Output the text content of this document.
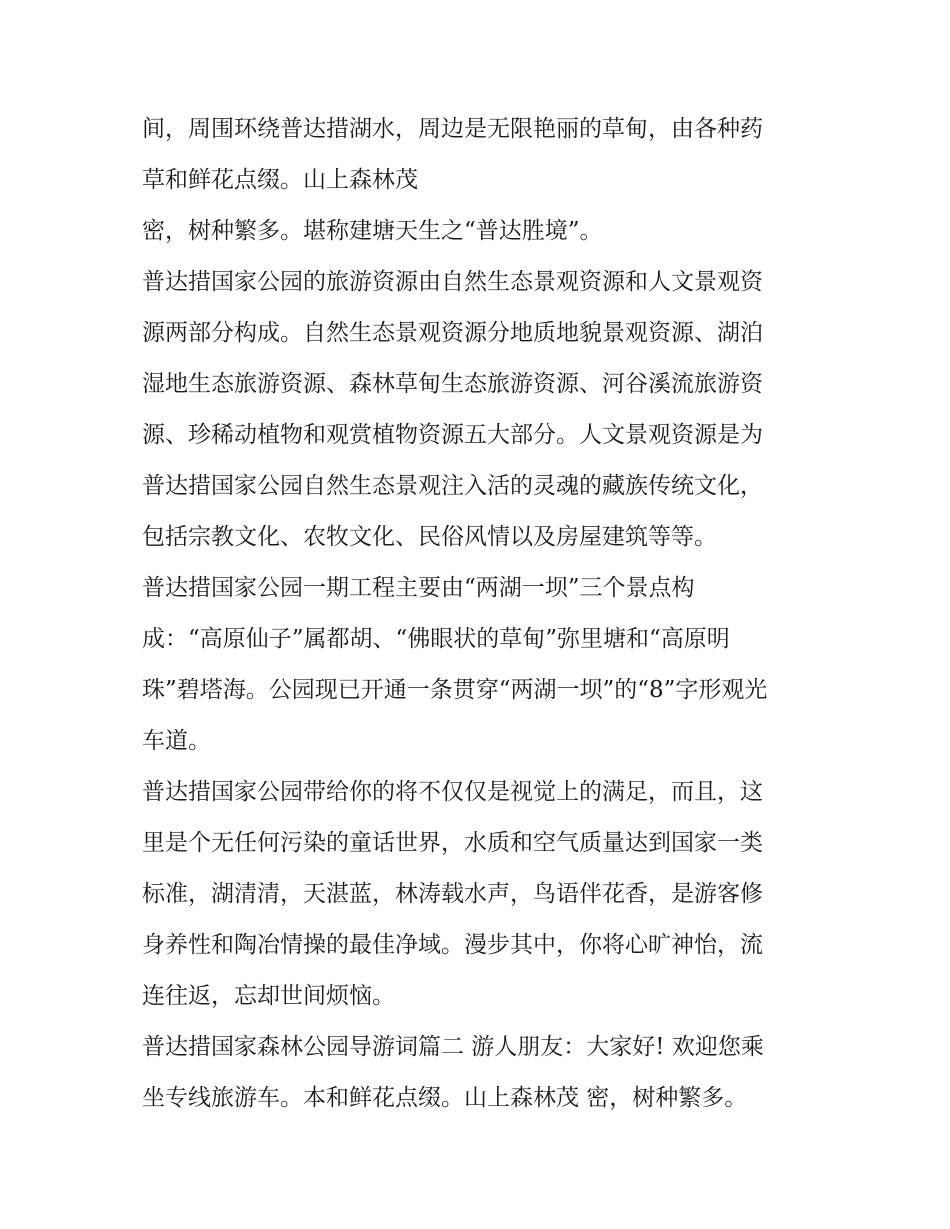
间，周围环绕普达措湖水，周边是无限艳丽的草甸，由各种药
草和鲜花点缀。山上森林茂
密，树种繁多。堪称建塘天生之“普达胜境”。
普达措国家公园的旅游资源由自然生态景观资源和人文景观资
源两部分构成。自然生态景观资源分地质地貌景观资源、湖泊
湿地生态旅游资源、森林草甸生态旅游资源、河谷溪流旅游资
源、珍稀动植物和观赏植物资源五大部分。人文景观资源是为
普达措国家公园自然生态景观注入活的灵魂的藏族传统文化，
包括宗教文化、农牧文化、民俗风情以及房屋建筑等等。
普达措国家公园一期工程主要由“两湖一坝”三个景点构
成：“高原仙子”属都胡、“佛眼状的草甸”弥里塘和“高原明
珠”碧塔海。公园现已开通一条贯穿“两湖一坝”的“8”字形观光
车道。
普达措国家公园带给你的将不仅仅是视觉上的满足，而且，这
里是个无任何污染的童话世界，水质和空气质量达到国家一类
标准，湖清清，天湛蓝，林涛载水声，鸟语伴花香，是游客修
身养性和陶冶情操的最佳净域。漫步其中，你将心旷神怡，流
连往返，忘却世间烦恼。
普达措国家森林公园导游词篇二 游人朋友：大家好! 欢迎您乘
坐专线旅游车。本和鲜花点缀。山上森林茂 密，树种繁多。
